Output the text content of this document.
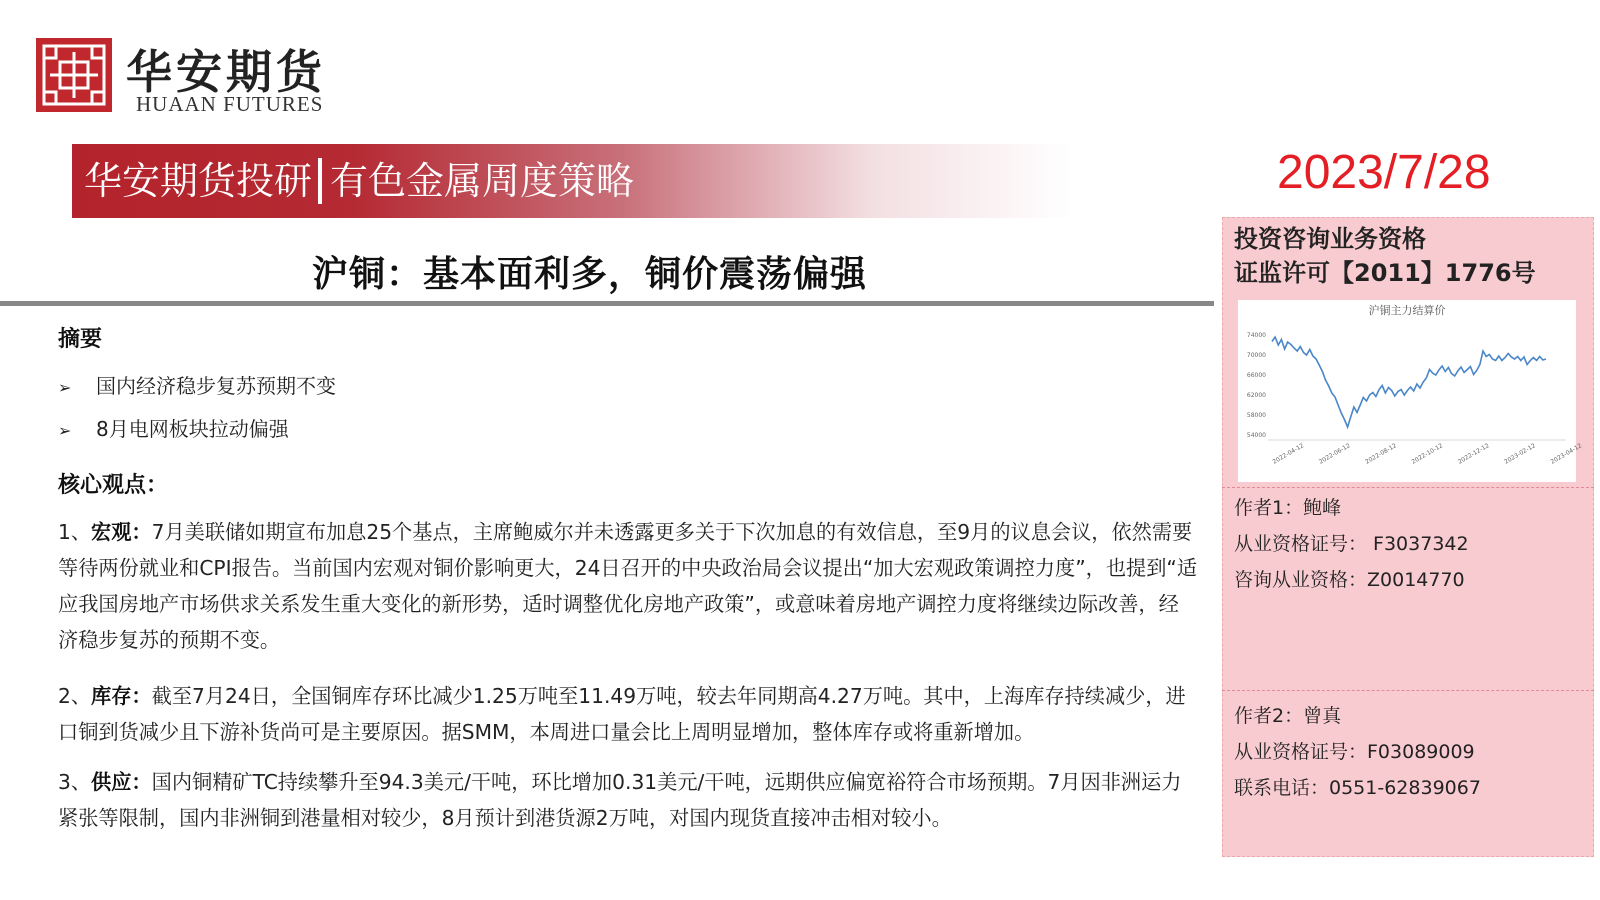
华安期货
HUAAN FUTURES
华安期货投研 有色金属周度策略	2023/7/28
沪铜：基本面利多，铜价震荡偏强
摘要
➢ 国内经济稳步复苏预期不变
➢ 8月电网板块拉动偏强
核心观点：
1、宏观：7月美联储如期宣布加息25个基点，主席鲍威尔并未透露更多关于下次加息的有效信息，至9月的议息会议，依然需要等待两份就业和CPI报告。当前国内宏观对铜价影响更大，24日召开的中央政治局会议提出“加大宏观政策调控力度”，也提到“适应我国房地产市场供求关系发生重大变化的新形势，适时调整优化房地产政策”，或意味着房地产调控力度将继续边际改善，经济稳步复苏的预期不变。
2、库存：截至7月24日，全国铜库存环比减少1.25万吨至11.49万吨，较去年同期高4.27万吨。其中，上海库存持续减少，进口铜到货减少且下游补货尚可是主要原因。据SMM，本周进口量会比上周明显增加，整体库存或将重新增加。
3、供应：国内铜精矿TC持续攀升至94.3美元/干吨，环比增加0.31美元/干吨，远期供应偏宽裕符合市场预期。7月因非洲运力紧张等限制，国内非洲铜到港量相对较少，8月预计到港货源2万吨，对国内现货直接冲击相对较小。
投资咨询业务资格
证监许可【2011】1776号
沪铜主力结算价
74000
70000
66000
62000
58000
54000
2022-04-12 2022-06-12 2022-08-12 2022-10-12 2022-12-12 2023-02-12 2023-04-12
作者1：鲍峰
从业资格证号： F3037342
咨询从业资格：Z0014770
作者2：曾真
从业资格证号：F03089009
联系电话：0551-62839067
